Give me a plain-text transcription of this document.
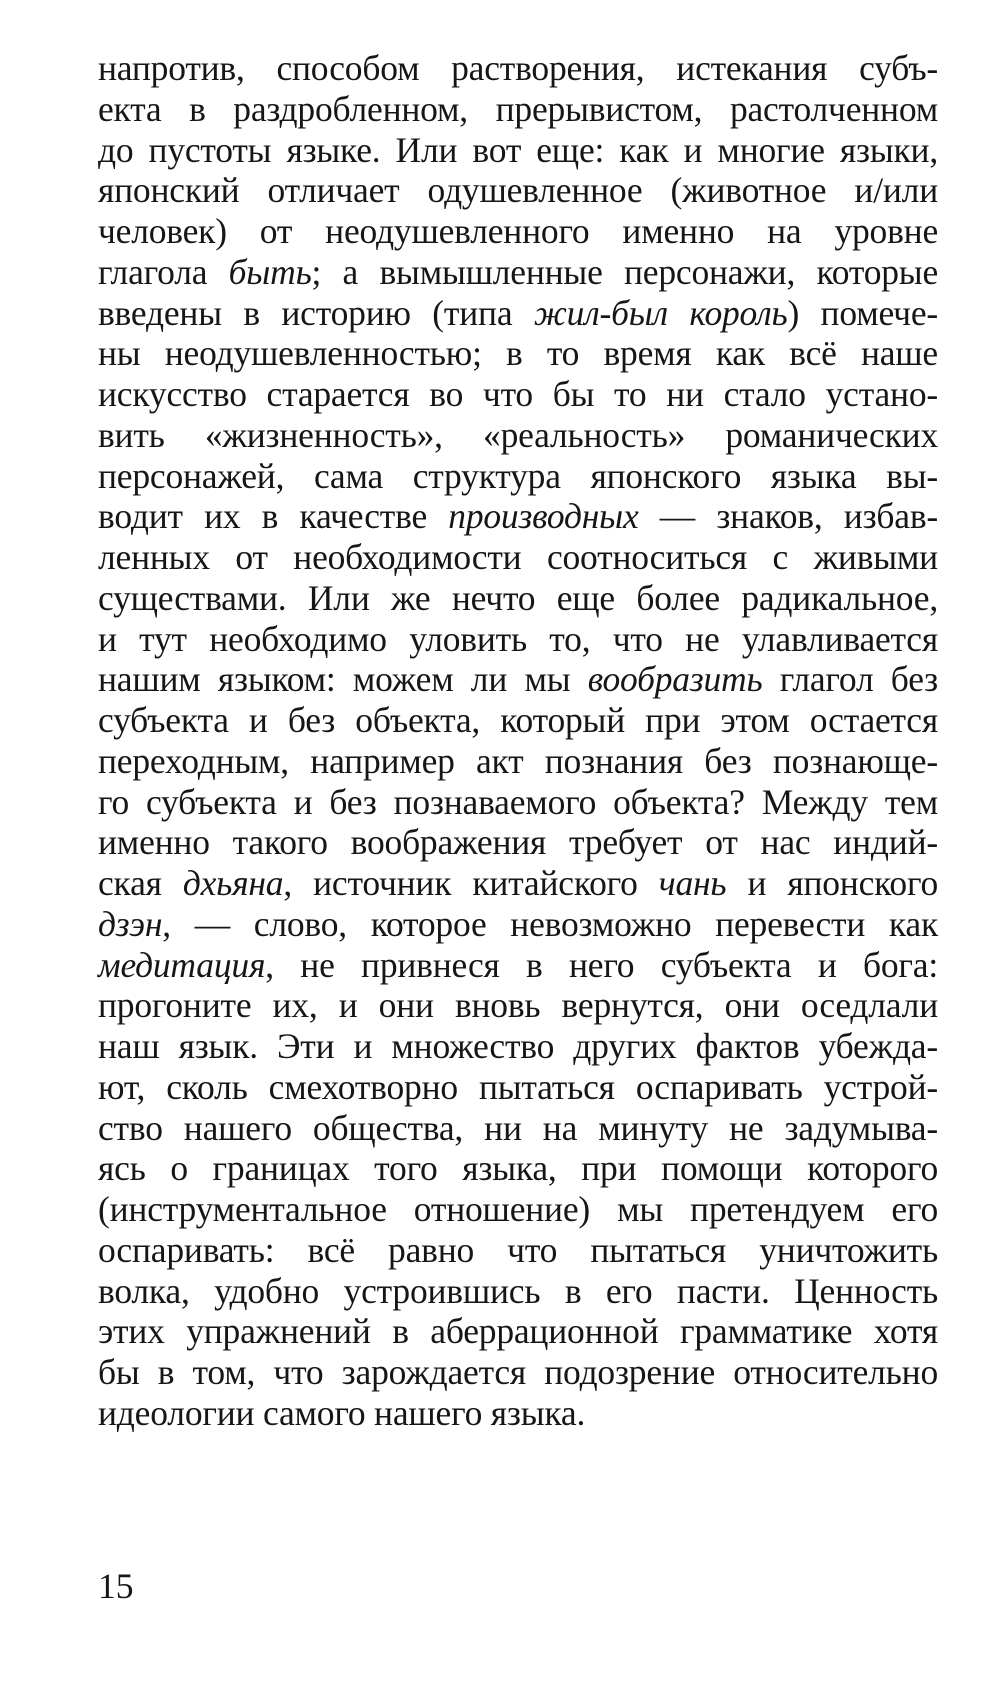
напротив, способом растворения, истекания субъ-
екта в раздробленном, прерывистом, растолченном
до пустоты языке. Или вот еще: как и многие языки,
японский отличает одушевленное (животное и/или
человек) от неодушевленного именно на уровне
глагола быть; а вымышленные персонажи, которые
введены в историю (типа жил-был король) помече-
ны неодушевленностью; в то время как всё наше
искусство старается во что бы то ни стало устано-
вить «жизненность», «реальность» романических
персонажей, сама структура японского языка вы-
водит их в качестве производных — знаков, избав-
ленных от необходимости соотноситься с живыми
существами. Или же нечто еще более радикальное,
и тут необходимо уловить то, что не улавливается
нашим языком: можем ли мы вообразить глагол без
субъекта и без объекта, который при этом остается
переходным, например акт познания без познающе-
го субъекта и без познаваемого объекта? Между тем
именно такого воображения требует от нас индий-
ская дхьяна, источник китайского чань и японского
дзэн, — слово, которое невозможно перевести как
медитация, не привнеся в него субъекта и бога:
прогоните их, и они вновь вернутся, они оседлали
наш язык. Эти и множество других фактов убежда-
ют, сколь смехотворно пытаться оспаривать устрой-
ство нашего общества, ни на минуту не задумыва-
ясь о границах того языка, при помощи которого
(инструментальное отношение) мы претендуем его
оспаривать: всё равно что пытаться уничтожить
волка, удобно устроившись в его пасти. Ценность
этих упражнений в аберрационной грамматике хотя
бы в том, что зарождается подозрение относительно
идеологии самого нашего языка.
15
